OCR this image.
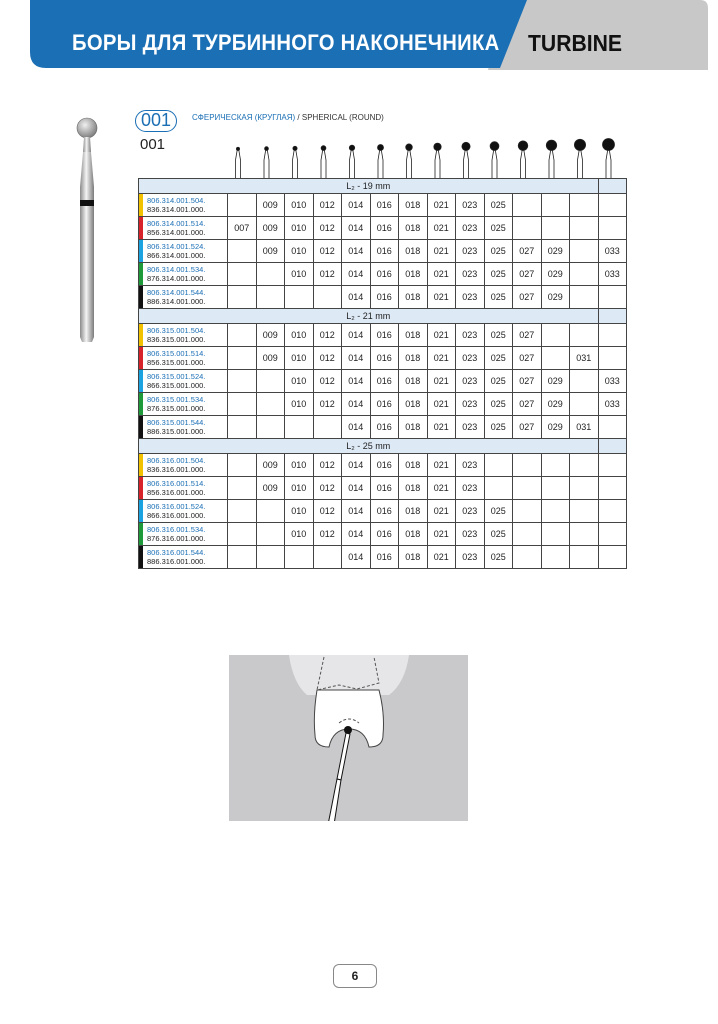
БОРЫ ДЛЯ ТУРБИННОГО НАКОНЕЧНИКА TURBINE
001
001
СФЕРИЧЕСКАЯ (КРУГЛАЯ) / SPHERICAL (ROUND)
L₂ - 19 mm														

806.314.001.504.
836.314.001.000.		009	010	012	014	016	018	021	023	025				

806.314.001.514.
856.314.001.000.	007	009	010	012	014	016	018	021	023	025				

806.314.001.524.
866.314.001.000.		009	010	012	014	016	018	021	023	025	027	029		033

806.314.001.534.
876.314.001.000.			010	012	014	016	018	021	023	025	027	029		033

806.314.001.544.
886.314.001.000.					014	016	018	021	023	025	027	029		
L₂ - 21 mm														

806.315.001.504.
836.315.001.000.		009	010	012	014	016	018	021	023	025	027			

806.315.001.514.
856.315.001.000.		009	010	012	014	016	018	021	023	025	027		031	

806.315.001.524.
866.315.001.000.			010	012	014	016	018	021	023	025	027	029		033

806.315.001.534.
876.315.001.000.			010	012	014	016	018	021	023	025	027	029		033

806.315.001.544.
886.315.001.000.					014	016	018	021	023	025	027	029	031	
L₂ - 25 mm														

806.316.001.504.
836.316.001.000.		009	010	012	014	016	018	021	023					

806.316.001.514.
856.316.001.000.		009	010	012	014	016	018	021	023					

806.316.001.524.
866.316.001.000.			010	012	014	016	018	021	023	025				

806.316.001.534.
876.316.001.000.			010	012	014	016	018	021	023	025				

806.316.001.544.
886.316.001.000.					014	016	018	021	023	025				
6
